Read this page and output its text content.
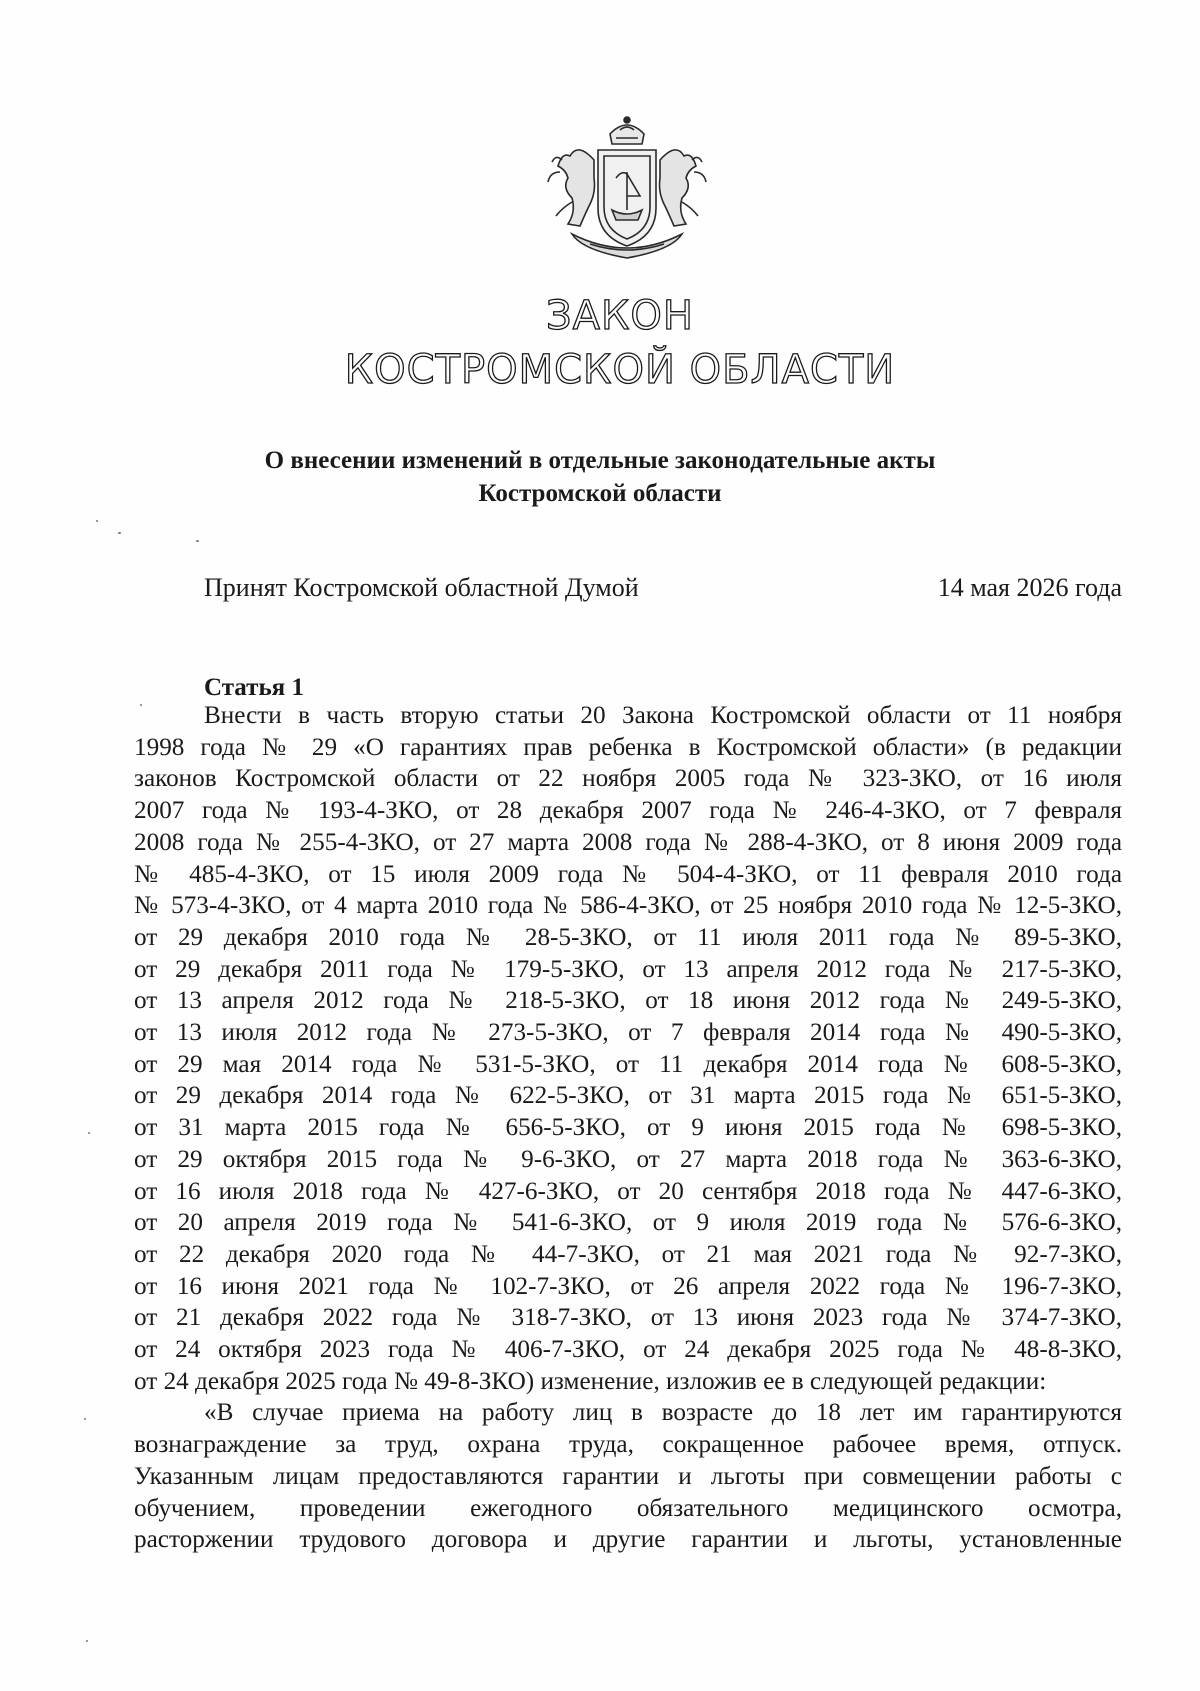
ЗАКОН
КОСТРОМСКОЙ ОБЛАСТИ
О внесении изменений в отдельные законодательные акты
Костромской области
Принят Костромской областной Думой	14 мая 2026 года
Статья 1
Внести в часть вторую статьи 20 Закона Костромской области от 11 ноября
1998 года № 29 «О гарантиях прав ребенка в Костромской области» (в редакции
законов Костромской области от 22 ноября 2005 года № 323-ЗКО, от 16 июля
2007 года № 193-4-ЗКО, от 28 декабря 2007 года № 246-4-ЗКО, от 7 февраля
2008 года № 255-4-ЗКО, от 27 марта 2008 года № 288-4-ЗКО, от 8 июня 2009 года
№ 485-4-ЗКО, от 15 июля 2009 года № 504-4-ЗКО, от 11 февраля 2010 года
№ 573-4-ЗКО, от 4 марта 2010 года № 586-4-ЗКО, от 25 ноября 2010 года № 12-5-ЗКО,
от 29 декабря 2010 года № 28-5-ЗКО, от 11 июля 2011 года № 89-5-ЗКО,
от 29 декабря 2011 года № 179-5-ЗКО, от 13 апреля 2012 года № 217-5-ЗКО,
от 13 апреля 2012 года № 218-5-ЗКО, от 18 июня 2012 года № 249-5-ЗКО,
от 13 июля 2012 года № 273-5-ЗКО, от 7 февраля 2014 года № 490-5-ЗКО,
от 29 мая 2014 года № 531-5-ЗКО, от 11 декабря 2014 года № 608-5-ЗКО,
от 29 декабря 2014 года № 622-5-ЗКО, от 31 марта 2015 года № 651-5-ЗКО,
от 31 марта 2015 года № 656-5-ЗКО, от 9 июня 2015 года № 698-5-ЗКО,
от 29 октября 2015 года № 9-6-ЗКО, от 27 марта 2018 года № 363-6-ЗКО,
от 16 июля 2018 года № 427-6-ЗКО, от 20 сентября 2018 года № 447-6-ЗКО,
от 20 апреля 2019 года № 541-6-ЗКО, от 9 июля 2019 года № 576-6-ЗКО,
от 22 декабря 2020 года № 44-7-ЗКО, от 21 мая 2021 года № 92-7-ЗКО,
от 16 июня 2021 года № 102-7-ЗКО, от 26 апреля 2022 года № 196-7-ЗКО,
от 21 декабря 2022 года № 318-7-ЗКО, от 13 июня 2023 года № 374-7-ЗКО,
от 24 октября 2023 года № 406-7-ЗКО, от 24 декабря 2025 года № 48-8-ЗКО,
от 24 декабря 2025 года № 49-8-ЗКО) изменение, изложив ее в следующей редакции:
«В случае приема на работу лиц в возрасте до 18 лет им гарантируются
вознаграждение за труд, охрана труда, сокращенное рабочее время, отпуск.
Указанным лицам предоставляются гарантии и льготы при совмещении работы с
обучением, проведении ежегодного обязательного медицинского осмотра,
расторжении трудового договора и другие гарантии и льготы, установленные
